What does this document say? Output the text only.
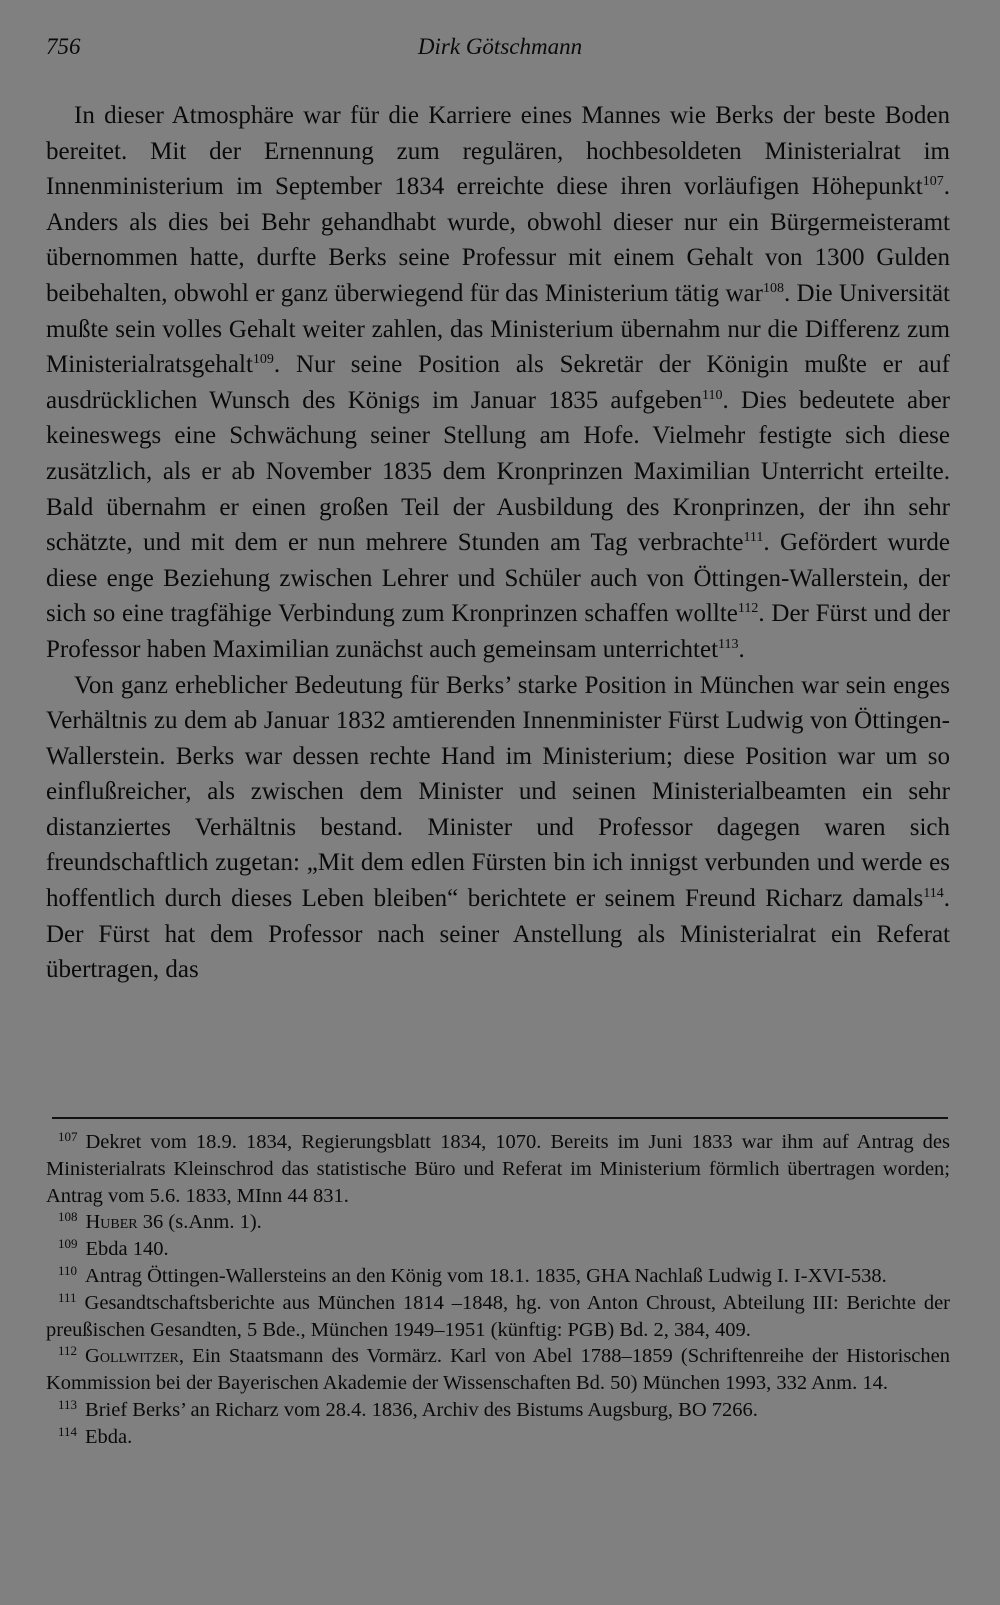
756	Dirk Götschmann

In dieser Atmosphäre war für die Karriere eines Mannes wie Berks der beste Boden bereitet. Mit der Ernennung zum regulären, hochbesoldeten Ministerialrat im Innenministerium im September 1834 erreichte diese ihren vorläufigen Höhepunkt$^{107}$. Anders als dies bei Behr gehandhabt wurde, obwohl dieser nur ein Bürgermeisteramt übernommen hatte, durfte Berks seine Professur mit einem Gehalt von 1300 Gulden beibehalten, obwohl er ganz überwiegend für das Ministerium tätig war$^{108}$. Die Universität mußte sein volles Gehalt weiter zahlen, das Ministerium übernahm nur die Differenz zum Ministerialratsgehalt$^{109}$. Nur seine Position als Sekretär der Königin mußte er auf ausdrücklichen Wunsch des Königs im Januar 1835 aufgeben$^{110}$. Dies bedeutete aber keineswegs eine Schwächung seiner Stellung am Hofe. Vielmehr festigte sich diese zusätzlich, als er ab November 1835 dem Kronprinzen Maximilian Unterricht erteilte. Bald übernahm er einen großen Teil der Ausbildung des Kronprinzen, der ihn sehr schätzte, und mit dem er nun mehrere Stunden am Tag verbrachte$^{111}$. Gefördert wurde diese enge Beziehung zwischen Lehrer und Schüler auch von Öttingen-Wallerstein, der sich so eine tragfähige Verbindung zum Kronprinzen schaffen wollte$^{112}$. Der Fürst und der Professor haben Maximilian zunächst auch gemeinsam unterrichtet$^{113}$.

Von ganz erheblicher Bedeutung für Berks’ starke Position in München war sein enges Verhältnis zu dem ab Januar 1832 amtierenden Innenminister Fürst Ludwig von Öttingen-Wallerstein. Berks war dessen rechte Hand im Ministerium; diese Position war um so einflußreicher, als zwischen dem Minister und seinen Ministerialbeamten ein sehr distanziertes Verhältnis bestand. Minister und Professor dagegen waren sich freundschaftlich zugetan: „Mit dem edlen Fürsten bin ich innigst verbunden und werde es hoffentlich durch dieses Leben bleiben“ berichtete er seinem Freund Richarz damals$^{114}$. Der Fürst hat dem Professor nach seiner Anstellung als Ministerialrat ein Referat übertragen, das

$^{107}$ Dekret vom 18.9. 1834, Regierungsblatt 1834, 1070. Bereits im Juni 1833 war ihm auf Antrag des Ministerialrats Kleinschrod das statistische Büro und Referat im Ministerium förmlich übertragen worden; Antrag vom 5.6. 1833, MInn 44 831.

$^{108}$ Huber 36 (s.Anm. 1).

$^{109}$ Ebda 140.

$^{110}$ Antrag Öttingen-Wallersteins an den König vom 18.1. 1835, GHA Nachlaß Ludwig I. I-XVI-538.

$^{111}$ Gesandtschaftsberichte aus München 1814 –1848, hg. von Anton Chroust, Abteilung III: Berichte der preußischen Gesandten, 5 Bde., München 1949–1951 (künftig: PGB) Bd. 2, 384, 409.

$^{112}$ Gollwitzer, Ein Staatsmann des Vormärz. Karl von Abel 1788–1859 (Schriftenreihe der Historischen Kommission bei der Bayerischen Akademie der Wissenschaften Bd. 50) München 1993, 332 Anm. 14.

$^{113}$ Brief Berks’ an Richarz vom 28.4. 1836, Archiv des Bistums Augsburg, BO 7266.

$^{114}$ Ebda.
